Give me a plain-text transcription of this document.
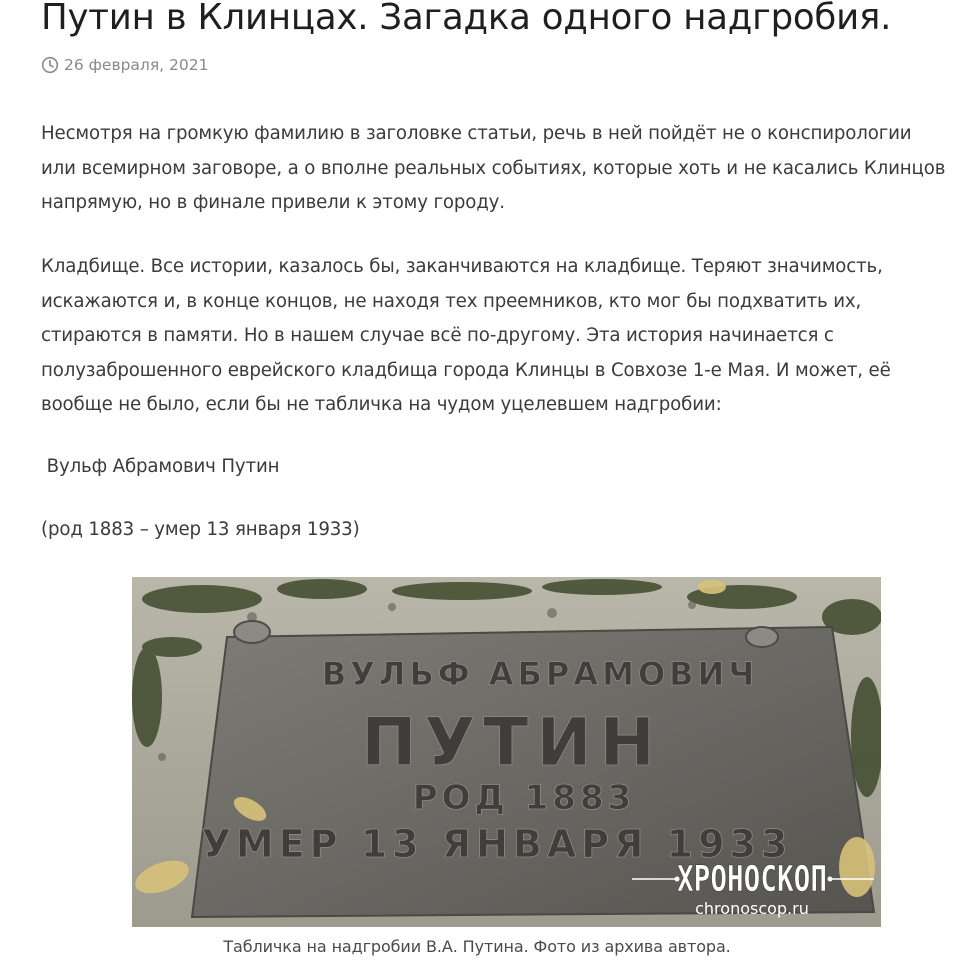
Путин в Клинцах. Загадка одного надгробия.
26 февраля, 2021

Несмотря на громкую фамилию в заголовке статьи, речь в ней пойдёт не о конспирологии или всемирном заговоре, а о вполне реальных событиях, которые хоть и не касались Клинцов напрямую, но в финале привели к этому городу.

Кладбище. Все истории, казалось бы, заканчиваются на кладбище. Теряют значимость, искажаются и, в конце концов, не находя тех преемников, кто мог бы подхватить их, стираются в памяти. Но в нашем случае всё по-другому. Эта история начинается с полузаброшенного еврейского кладбища города Клинцы в Совхозе 1-е Мая. И может, её вообще не было, если бы не табличка на чудом уцелевшем надгробии:

Вульф Абрамович Путин

(род 1883 – умер 13 января 1933)

ВУЛЬФ АБРАМОВИЧ
ПУТИН
РОД 1883
УМЕР 13 ЯНВАРЯ 1933
ХРОНОСКОП
chronoscop.ru
Табличка на надгробии В.А. Путина. Фото из архива автора.
